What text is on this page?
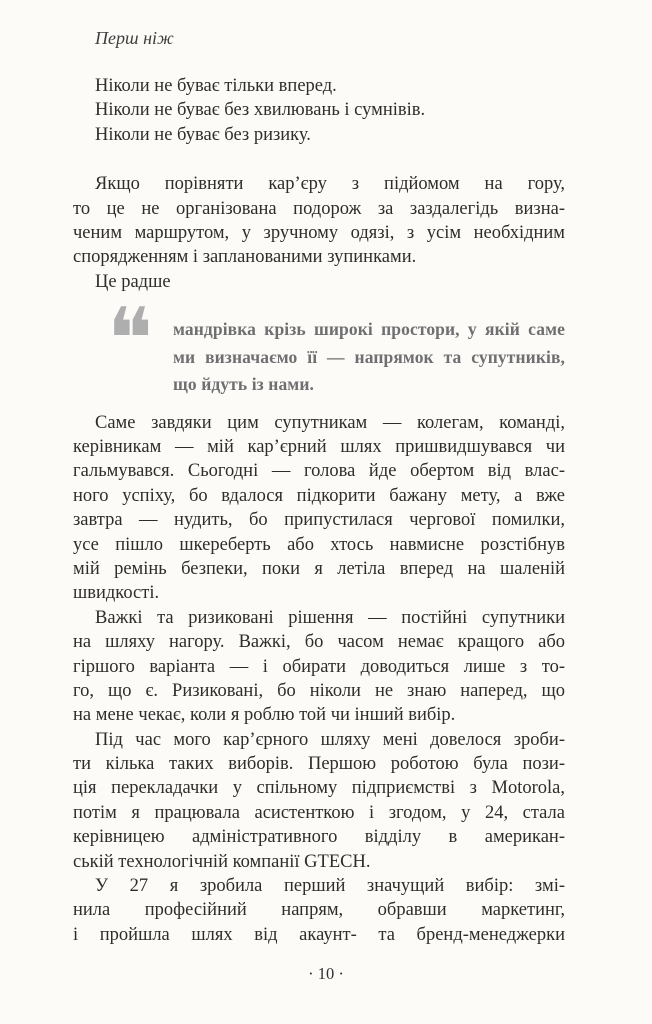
Перш ніж
Ніколи не буває тільки вперед.
Ніколи не буває без хвилювань і сумнівів.
Ніколи не буває без ризику.
Якщо порівняти кар’єру з підйомом на гору,
то це не організована подорож за заздалегідь визна-
ченим маршрутом, у зручному одязі, з усім необхідним
спорядженням і запланованими зупинками.
Це радше
❝	мандрівка крізь широкі простори, у якій саме
ми визначаємо її — напрямок та супутників,
що йдуть із нами.
Саме завдяки цим супутникам — колегам, команді,
керівникам — мій кар’єрний шлях пришвидшувався чи
гальмувався. Сьогодні — голова йде обертом від влас-
ного успіху, бо вдалося підкорити бажану мету, а вже
завтра — нудить, бо припустилася чергової помилки,
усе пішло шкереберть або хтось навмисне розстібнув
мій ремінь безпеки, поки я летіла вперед на шаленій
швидкості.
Важкі та ризиковані рішення — постійні супутники
на шляху нагору. Важкі, бо часом немає кращого або
гіршого варіанта — і обирати доводиться лише з то-
го, що є. Ризиковані, бо ніколи не знаю наперед, що
на мене чекає, коли я роблю той чи інший вибір.
Під час мого кар’єрного шляху мені довелося зроби-
ти кілька таких виборів. Першою роботою була пози-
ція перекладачки у спільному підприємстві з Motorola,
потім я працювала асистенткою і згодом, у 24, стала
керівницею адміністративного відділу в американ-
ській технологічній компанії GTECH.
У 27 я зробила перший значущий вибір: змі-
нила професійний напрям, обравши маркетинг,
і пройшла шлях від акаунт- та бренд-менеджерки
· 10 ·
